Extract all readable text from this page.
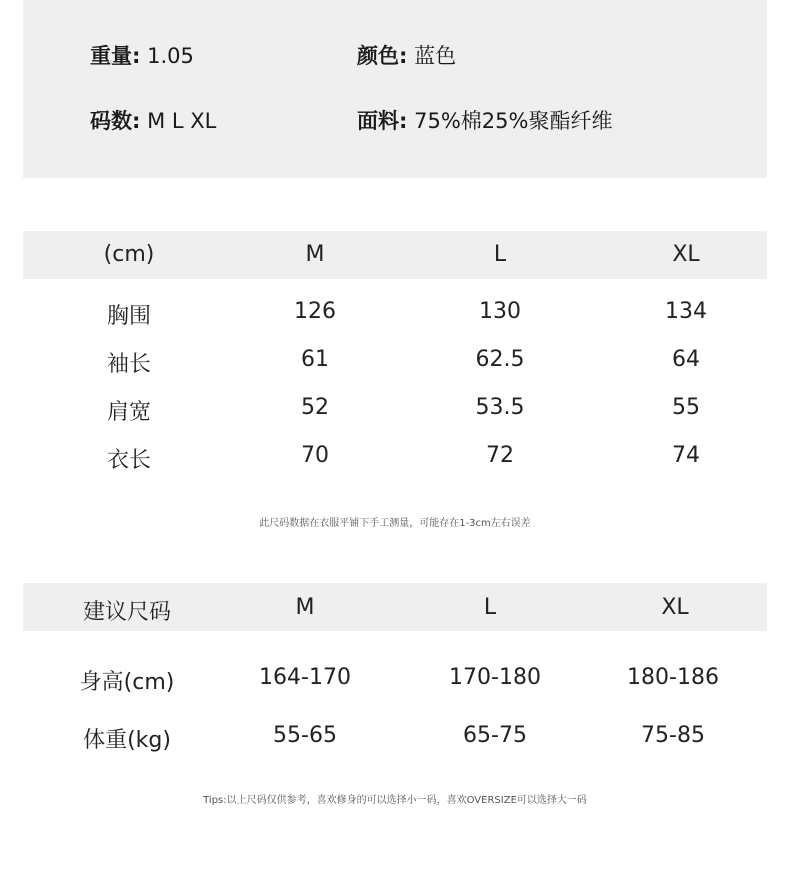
重量: 1.05	颜色: 蓝色
码数: M L XL	面料: 75%棉25%聚酯纤维
(cm)	M	L	XL
胸围	126	130	134
袖长	61	62.5	64
肩宽	52	53.5	55
衣长	70	72	74
此尺码数据在衣服平铺下手工测量，可能存在1-3cm左右误差
建议尺码	M	L	XL
身高(cm)	164-170	170-180	180-186
体重(kg)	55-65	65-75	75-85
Tips:以上尺码仅供参考，喜欢修身的可以选择小一码，喜欢OVERSIZE可以选择大一码
